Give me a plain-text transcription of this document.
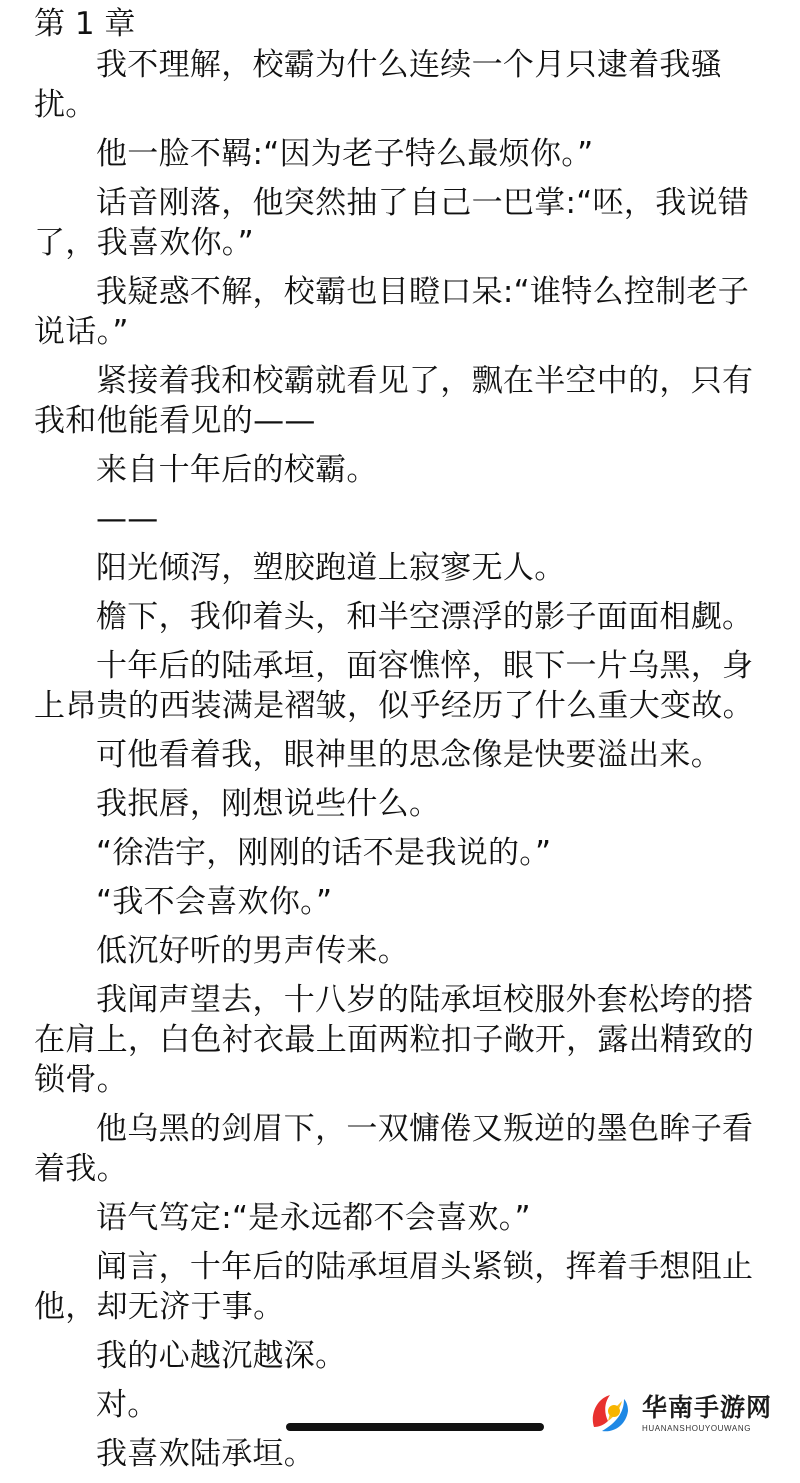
第 1 章

我不理解，校霸为什么连续一个月只逮着我骚扰。

他一脸不羁:“因为老子特么最烦你。”

话音刚落，他突然抽了自己一巴掌:“呸，我说错了，我喜欢你。”

我疑惑不解，校霸也目瞪口呆:“谁特么控制老子说话。”

紧接着我和校霸就看见了，飘在半空中的，只有我和他能看见的——

来自十年后的校霸。

——

阳光倾泻，塑胶跑道上寂寥无人。

檐下，我仰着头，和半空漂浮的影子面面相觑。

十年后的陆承垣，面容憔悴，眼下一片乌黑，身上昂贵的西装满是褶皱，似乎经历了什么重大变故。

可他看着我，眼神里的思念像是快要溢出来。

我抿唇，刚想说些什么。

“徐浩宇，刚刚的话不是我说的。”

“我不会喜欢你。”

低沉好听的男声传来。

我闻声望去，十八岁的陆承垣校服外套松垮的搭在肩上，白色衬衣最上面两粒扣子敞开，露出精致的锁骨。

他乌黑的剑眉下，一双慵倦又叛逆的墨色眸子看着我。

语气笃定:“是永远都不会喜欢。”

闻言，十年后的陆承垣眉头紧锁，挥着手想阻止他，却无济于事。

我的心越沉越深。

对。

我喜欢陆承垣。

华南手游网
HUANANSHOUYOUWANG
